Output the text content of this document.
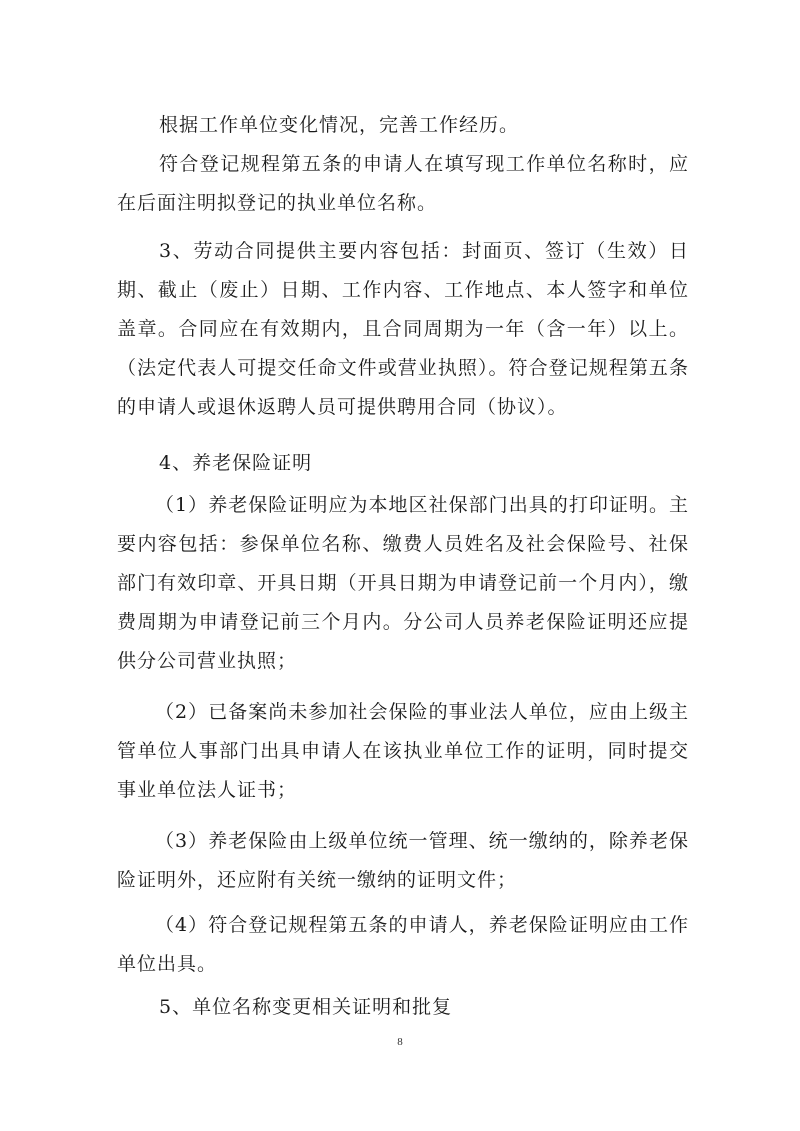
根据工作单位变化情况，完善工作经历。

符合登记规程第五条的申请人在填写现工作单位名称时，应在后面注明拟登记的执业单位名称。

3、劳动合同提供主要内容包括：封面页、签订（生效）日期、截止（废止）日期、工作内容、工作地点、本人签字和单位盖章。合同应在有效期内，且合同周期为一年（含一年）以上。（法定代表人可提交任命文件或营业执照）。符合登记规程第五条的申请人或退休返聘人员可提供聘用合同（协议）。

4、养老保险证明

（1）养老保险证明应为本地区社保部门出具的打印证明。主要内容包括：参保单位名称、缴费人员姓名及社会保险号、社保部门有效印章、开具日期（开具日期为申请登记前一个月内），缴费周期为申请登记前三个月内。分公司人员养老保险证明还应提供分公司营业执照；

（2）已备案尚未参加社会保险的事业法人单位，应由上级主管单位人事部门出具申请人在该执业单位工作的证明，同时提交事业单位法人证书；

（3）养老保险由上级单位统一管理、统一缴纳的，除养老保险证明外，还应附有关统一缴纳的证明文件；

（4）符合登记规程第五条的申请人，养老保险证明应由工作单位出具。

5、单位名称变更相关证明和批复

8
